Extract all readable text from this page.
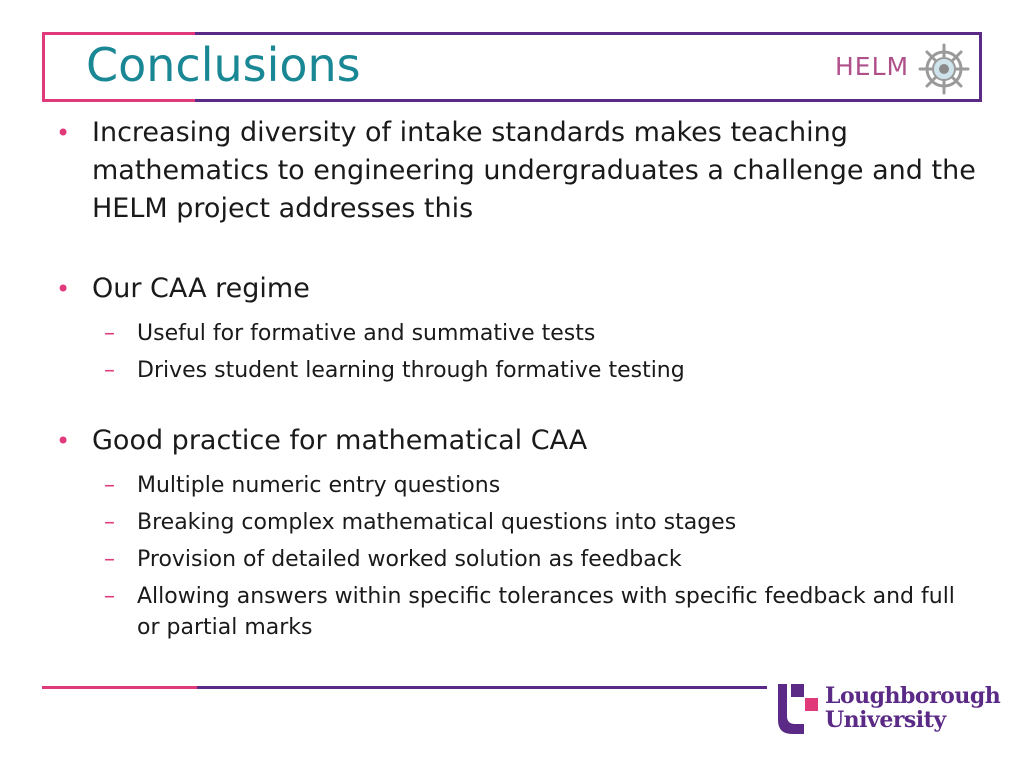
Conclusions	HELM
• Increasing diversity of intake standards makes teaching mathematics to engineering undergraduates a challenge and the HELM project addresses this
• Our CAA regime
– Useful for formative and summative tests
– Drives student learning through formative testing
• Good practice for mathematical CAA
– Multiple numeric entry questions
– Breaking complex mathematical questions into stages
– Provision of detailed worked solution as feedback
– Allowing answers within specific tolerances with specific feedback and full or partial marks
Loughborough
University
